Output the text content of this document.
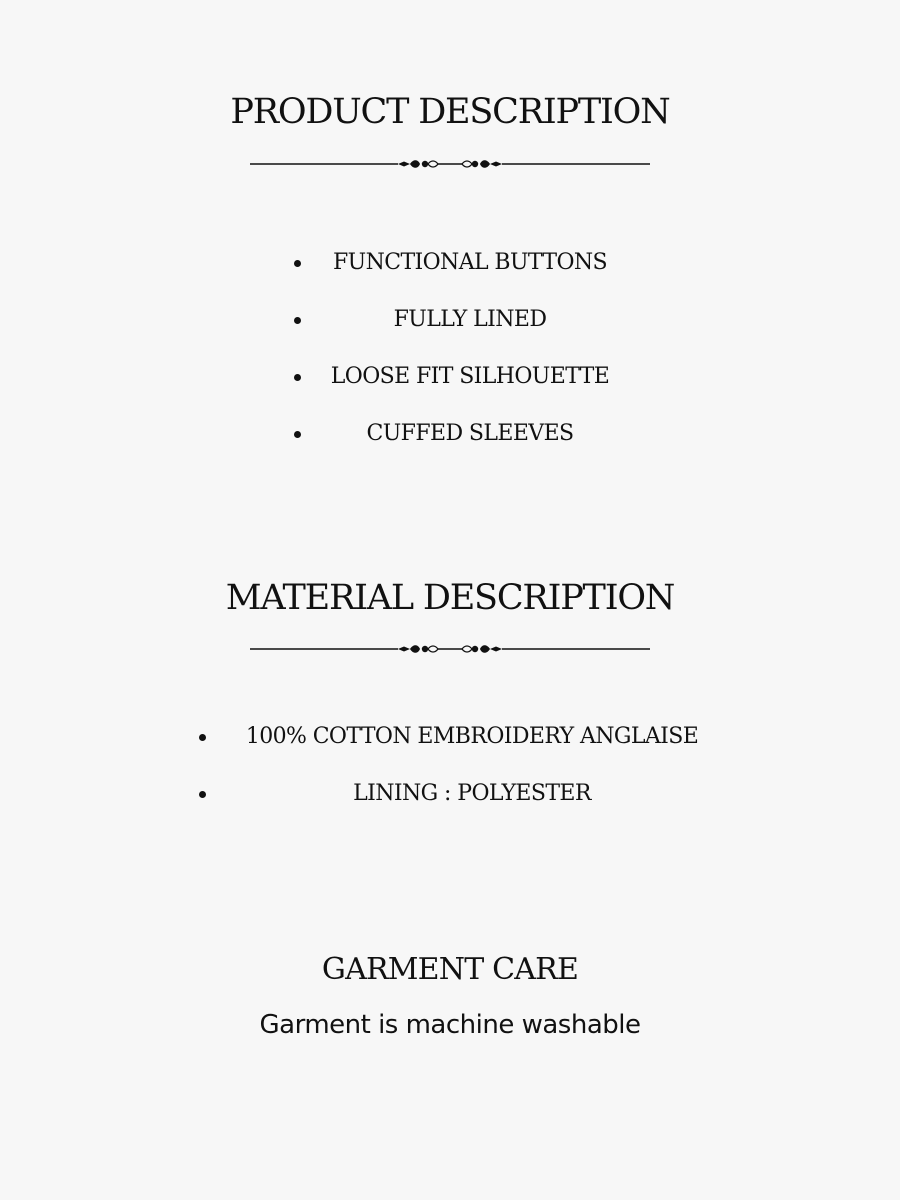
PRODUCT DESCRIPTION
FUNCTIONAL BUTTONS
FULLY LINED
LOOSE FIT SILHOUETTE
CUFFED SLEEVES
MATERIAL DESCRIPTION
100% COTTON EMBROIDERY ANGLAISE
LINING : POLYESTER
GARMENT CARE
Garment is machine washable
